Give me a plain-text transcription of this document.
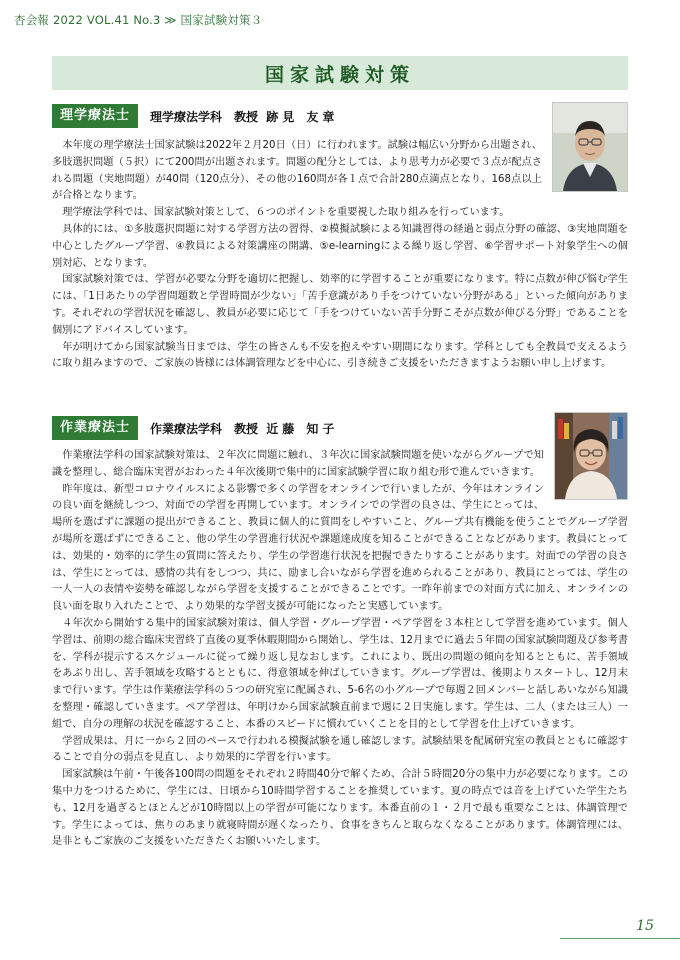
杏会報 2022 VOL.41 No.3 ≫ 国家試験対策３
国家試験対策
理学療法士	理学療法学科　教授 跡見 友章

本年度の理学療法士国家試験は2022年２月20日（日）に行われます。試験は幅広い分野から出題され、多肢選択問題（５択）にて200問が出題されます。問題の配分としては、より思考力が必要で３点が配点される問題（実地問題）が40問（120点分）、その他の160問が各１点で合計280点満点となり、168点以上が合格となります。

理学療法学科では、国家試験対策として、６つのポイントを重要視した取り組みを行っています。

具体的には、①多肢選択問題に対する学習方法の習得、②模擬試験による知識習得の経過と弱点分野の確認、③実地問題を中心としたグループ学習、④教員による対策講座の開講、⑤e-learningによる繰り返し学習、⑥学習サポート対象学生への個別対応、となります。

国家試験対策では、学習が必要な分野を適切に把握し、効率的に学習することが重要になります。特に点数が伸び悩む学生には、「1日あたりの学習問題数と学習時間が少ない」「苦手意識があり手をつけていない分野がある」といった傾向があります。それぞれの学習状況を確認し、教員が必要に応じて「手をつけていない苦手分野こそが点数が伸びる分野」であることを個別にアドバイスしています。

年が明けてから国家試験当日までは、学生の皆さんも不安を抱えやすい期間になります。学科としても全教員で支えるように取り組みますので、ご家族の皆様には体調管理などを中心に、引き続きご支援をいただきますようお願い申し上げます。

作業療法士	作業療法学科　教授 近藤 知子

作業療法学科の国家試験対策は、２年次に問題に触れ、３年次に国家試験問題を使いながらグループで知識を整理し、総合臨床実習がおわった４年次後期で集中的に国家試験学習に取り組む形で進んでいきます。

昨年度は、新型コロナウイルスによる影響で多くの学習をオンラインで行いましたが、今年はオンラインの良い面を継続しつつ、対面での学習を再開しています。オンラインでの学習の良さは、学生にとっては、場所を選ばずに課題の提出ができること、教員に個人的に質問をしやすいこと、グループ共有機能を使うことでグループ学習が場所を選ばずにできること、他の学生の学習進行状況や課題達成度を知ることができることなどがあります。教員にとっては、効果的・効率的に学生の質問に答えたり、学生の学習進行状況を把握できたりすることがあります。対面での学習の良さは、学生にとっては、感情の共有をしつつ、共に、励まし合いながら学習を進められることがあり、教員にとっては、学生の一人一人の表情や姿勢を確認しながら学習を支援することができることです。一昨年前までの対面方式に加え、オンラインの良い面を取り入れたことで、より効果的な学習支援が可能になったと実感しています。

４年次から開始する集中的国家試験対策は、個人学習・グループ学習・ペア学習を３本柱として学習を進めています。個人学習は、前期の総合臨床実習終了直後の夏季休暇期間から開始し、学生は、12月までに過去５年間の国家試験問題及び参考書を、学科が提示するスケジュールに従って繰り返し見なおします。これにより、既出の問題の傾向を知るとともに、苦手領域をあぶり出し、苦手領域を攻略するとともに、得意領域を伸ばしていきます。グループ学習は、後期よりスタートし、12月末まで行います。学生は作業療法学科の５つの研究室に配属され、5-6名の小グループで毎週２回メンバーと話しあいながら知識を整理・確認していきます。ペア学習は、年明けから国家試験直前まで週に２日実施します。学生は、二人（または三人）一組で、自分の理解の状況を確認すること、本番のスピードに慣れていくことを目的として学習を仕上げていきます。

学習成果は、月に一から２回のペースで行われる模擬試験を通し確認します。試験結果を配属研究室の教員とともに確認することで自分の弱点を見直し、より効果的に学習を行います。

国家試験は午前・午後各100問の問題をそれぞれ２時間40分で解くため、合計５時間20分の集中力が必要になります。この集中力をつけるために、学生には、日頃から10時間学習することを推奨しています。夏の時点では音を上げていた学生たちも、12月を過ぎるとほとんどが10時間以上の学習が可能になります。本番直前の１・２月で最も重要なことは、体調管理です。学生によっては、焦りのあまり就寝時間が遅くなったり、食事をきちんと取らなくなることがあります。体調管理には、是非ともご家族のご支援をいただきたくお願いいたします。

15
